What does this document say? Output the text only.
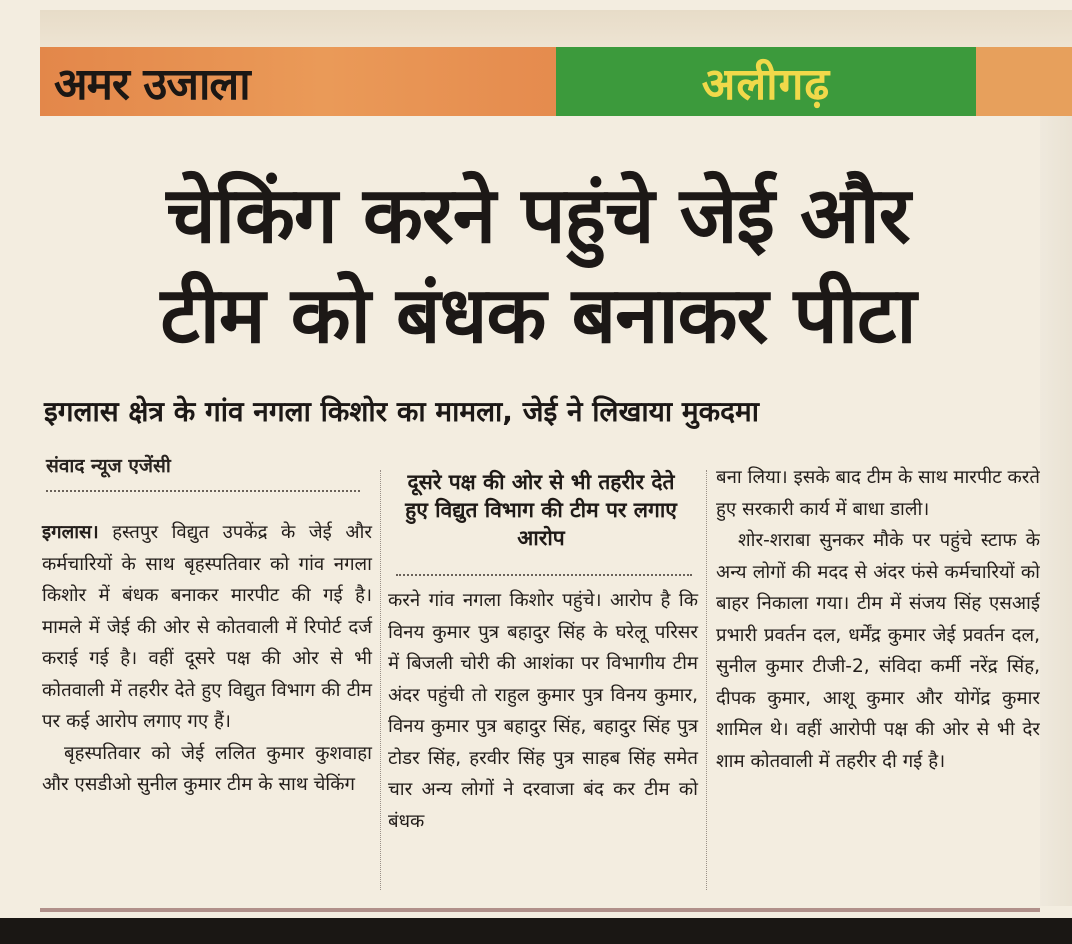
अमर उजाला	अलीगढ़
चेकिंग करने पहुंचे जेई और
टीम को बंधक बनाकर पीटा
इगलास क्षेत्र के गांव नगला किशोर का मामला, जेई ने लिखाया मुकदमा
संवाद न्यूज एजेंसी

इगलास। हस्तपुर विद्युत उपकेंद्र के जेई और कर्मचारियों के साथ बृहस्पतिवार को गांव नगला किशोर में बंधक बनाकर मारपीट की गई है। मामले में जेई की ओर से कोतवाली में रिपोर्ट दर्ज कराई गई है। वहीं दूसरे पक्ष की ओर से भी कोतवाली में तहरीर देते हुए विद्युत विभाग की टीम पर कई आरोप लगाए गए हैं।

बृहस्पतिवार को जेई ललित कुमार कुशवाहा और एसडीओ सुनील कुमार टीम के साथ चेकिंग

दूसरे पक्ष की ओर से भी तहरीर देते हुए विद्युत विभाग की टीम पर लगाए आरोप

करने गांव नगला किशोर पहुंचे। आरोप है कि विनय कुमार पुत्र बहादुर सिंह के घरेलू परिसर में बिजली चोरी की आशंका पर विभागीय टीम अंदर पहुंची तो राहुल कुमार पुत्र विनय कुमार, विनय कुमार पुत्र बहादुर सिंह, बहादुर सिंह पुत्र टोडर सिंह, हरवीर सिंह पुत्र साहब सिंह समेत चार अन्य लोगों ने दरवाजा बंद कर टीम को बंधक

बना लिया। इसके बाद टीम के साथ मारपीट करते हुए सरकारी कार्य में बाधा डाली।

शोर-शराबा सुनकर मौके पर पहुंचे स्टाफ के अन्य लोगों की मदद से अंदर फंसे कर्मचारियों को बाहर निकाला गया। टीम में संजय सिंह एसआई प्रभारी प्रवर्तन दल, धर्मेंद्र कुमार जेई प्रवर्तन दल, सुनील कुमार टीजी-2, संविदा कर्मी नरेंद्र सिंह, दीपक कुमार, आशू कुमार और योगेंद्र कुमार शामिल थे। वहीं आरोपी पक्ष की ओर से भी देर शाम कोतवाली में तहरीर दी गई है।
